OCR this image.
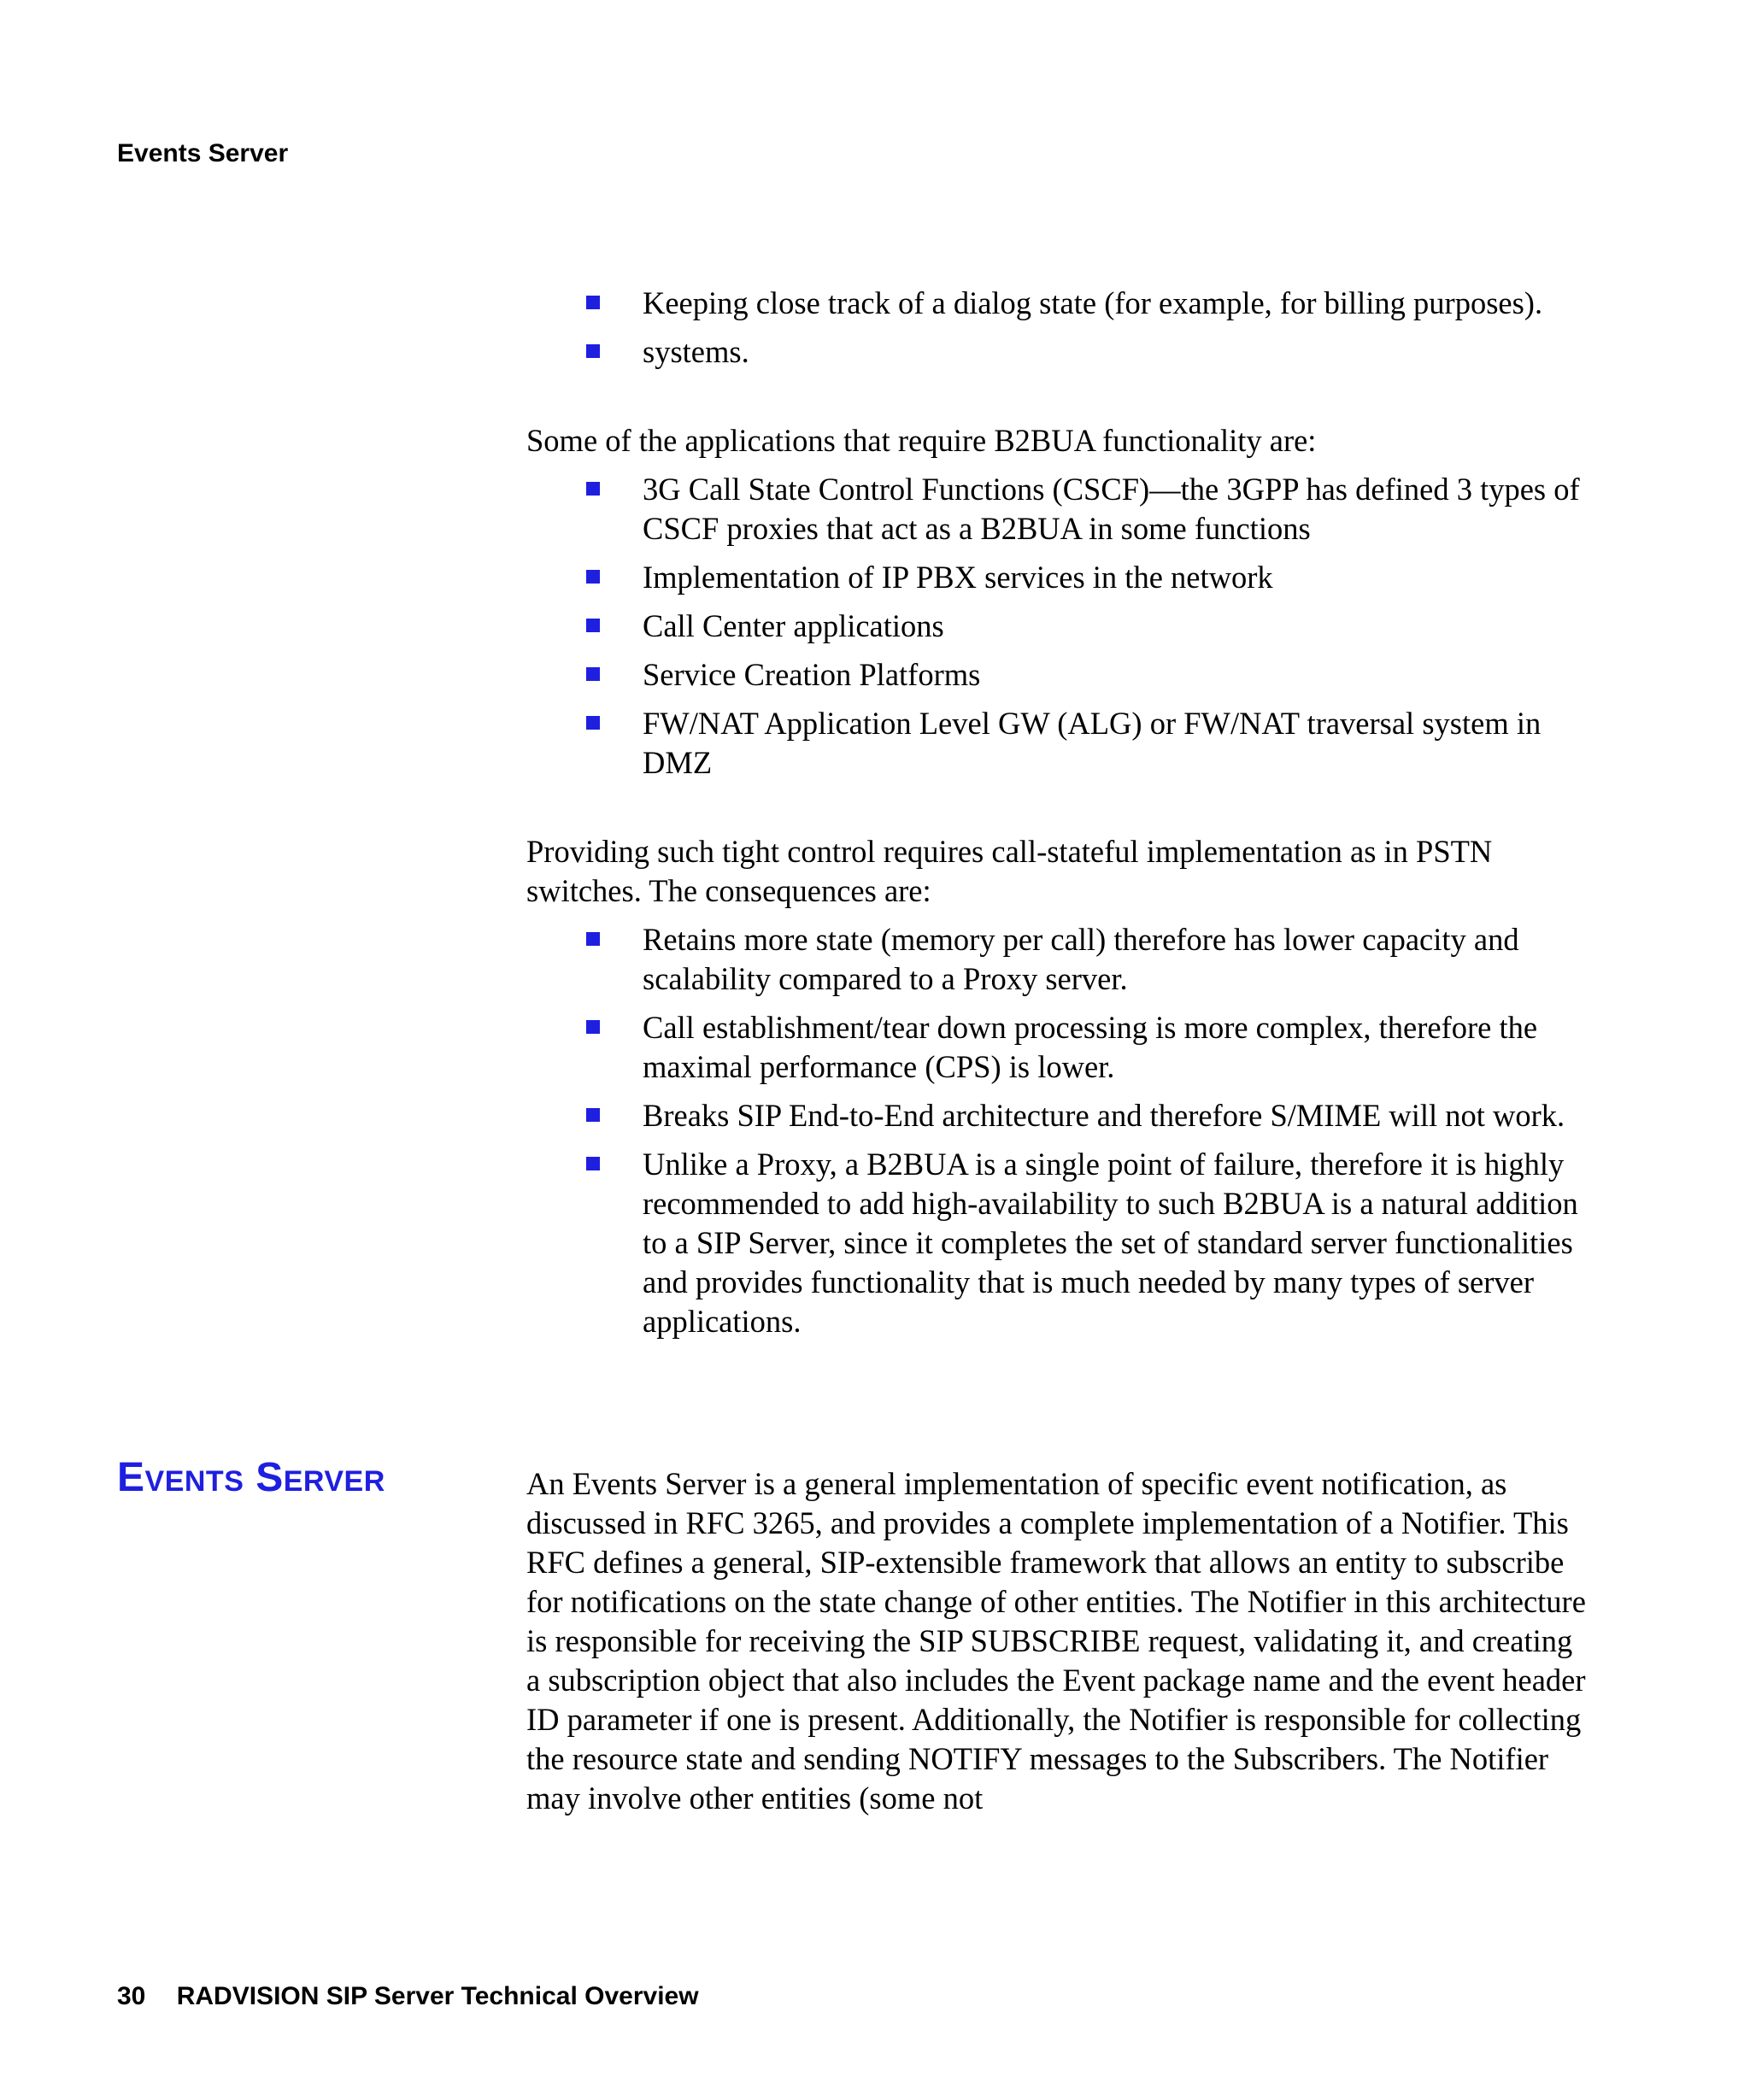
Events Server
Keeping close track of a dialog state (for example, for billing purposes).
systems.

Some of the applications that require B2BUA functionality are:

3G Call State Control Functions (CSCF)—the 3GPP has defined 3 types of CSCF proxies that act as a B2BUA in some functions
Implementation of IP PBX services in the network
Call Center applications
Service Creation Platforms
FW/NAT Application Level GW (ALG) or FW/NAT traversal system in DMZ

Providing such tight control requires call-stateful implementation as in PSTN switches. The consequences are:

Retains more state (memory per call) therefore has lower capacity and scalability compared to a Proxy server.
Call establishment/tear down processing is more complex, therefore the maximal performance (CPS) is lower.
Breaks SIP End-to-End architecture and therefore S/MIME will not work.
Unlike a Proxy, a B2BUA is a single point of failure, therefore it is highly recommended to add high-availability to such B2BUA is a natural addition to a SIP Server, since it completes the set of standard server functionalities and provides functionality that is much needed by many types of server applications.
Events Server	An Events Server is a general implementation of specific event notification, as discussed in RFC 3265, and provides a complete implementation of a Notifier. This RFC defines a general, SIP-extensible framework that allows an entity to subscribe for notifications on the state change of other entities. The Notifier in this architecture is responsible for receiving the SIP SUBSCRIBE request, validating it, and creating a subscription object that also includes the Event package name and the event header ID parameter if one is present. Additionally, the Notifier is responsible for collecting the resource state and sending NOTIFY messages to the Subscribers. The Notifier may involve other entities (some not

30 RADVISION SIP Server Technical Overview
